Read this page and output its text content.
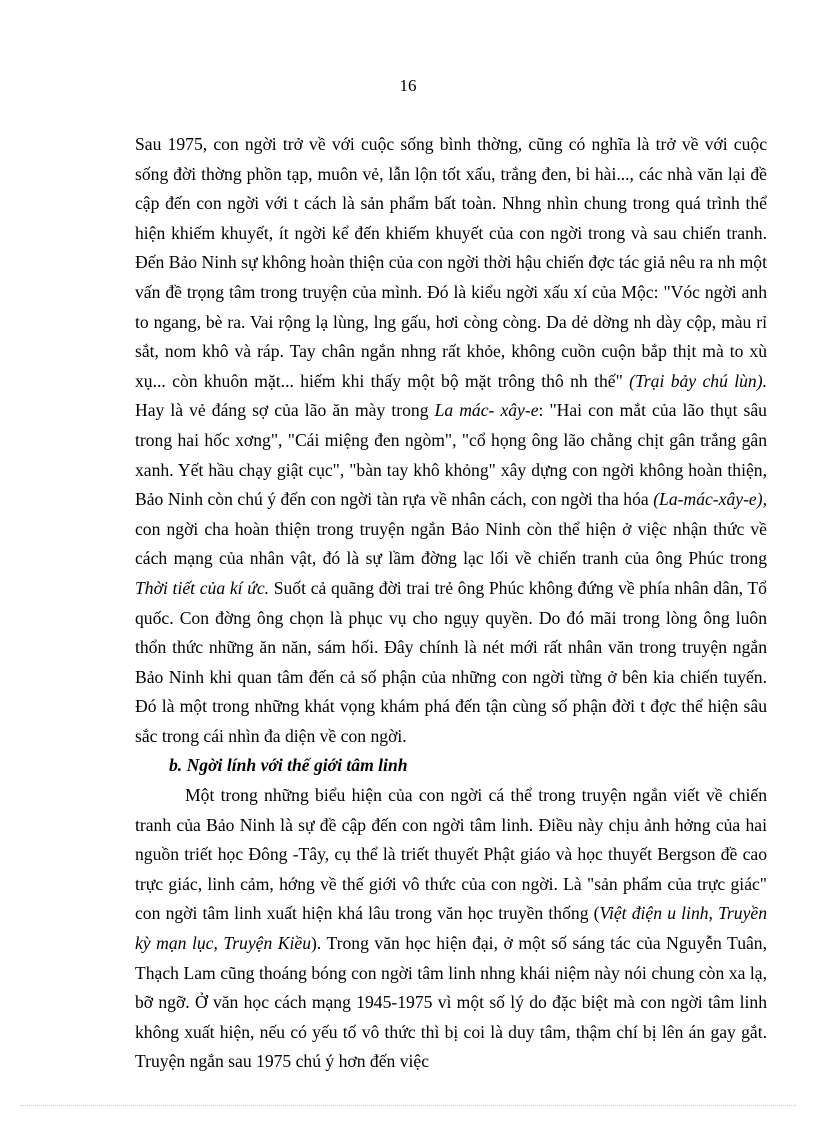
16

Sau 1975, con ngời trở về với cuộc sống bình thờng, cũng có nghĩa là trở về với cuộc sống đời thờng phồn tạp, muôn vẻ, lẫn lộn tốt xấu, trắng đen, bi hài..., các nhà văn lại đề cập đến con ngời với t cách là sản phẩm bất toàn. Nhng nhìn chung trong quá trình thể hiện khiếm khuyết, ít ngời kể đến khiếm khuyết của con ngời trong và sau chiến tranh. Đến Bảo Ninh sự không hoàn thiện của con ngời thời hậu chiến đợc tác giả nêu ra nh một vấn đề trọng tâm trong truyện của mình. Đó là kiểu ngời xấu xí của Mộc: "Vóc ngời anh to ngang, bè ra. Vai rộng lạ lùng, lng gấu, hơi còng còng. Da dẻ dờng nh dày cộp, màu rỉ sắt, nom khô và ráp. Tay chân ngắn nhng rất khỏe, không cuồn cuộn bắp thịt mà to xù xụ... còn khuôn mặt... hiếm khi thấy một bộ mặt trông thô nh thế" (Trại bảy chú lùn). Hay là vẻ đáng sợ của lão ăn mày trong La mác- xây-e: "Hai con mắt của lão thụt sâu trong hai hốc xơng", "Cái miệng đen ngòm", "cổ họng ông lão chằng chịt gân trắng gân xanh. Yết hầu chạy giật cục", "bàn tay khô khỏng" xây dựng con ngời không hoàn thiện, Bảo Ninh còn chú ý đến con ngời tàn rựa về nhân cách, con ngời tha hóa (La-mác-xây-e), con ngời cha hoàn thiện trong truyện ngắn Bảo Ninh còn thể hiện ở việc nhận thức về cách mạng của nhân vật, đó là sự lầm đờng lạc lối về chiến tranh của ông Phúc trong Thời tiết của kí ức. Suốt cả quãng đời trai trẻ ông Phúc không đứng về phía nhân dân, Tổ quốc. Con đờng ông chọn là phục vụ cho ngụy quyền. Do đó mãi trong lòng ông luôn thổn thức những ăn năn, sám hối. Đây chính là nét mới rất nhân văn trong truyện ngắn Bảo Ninh khi quan tâm đến cả số phận của những con ngời từng ở bên kia chiến tuyến. Đó là một trong những khát vọng khám phá đến tận cùng số phận đời t đợc thể hiện sâu sắc trong cái nhìn đa diện về con ngời.

b. Ngời lính với thế giới tâm linh

Một trong những biểu hiện của con ngời cá thể trong truyện ngắn viết về chiến tranh của Bảo Ninh là sự đề cập đến con ngời tâm linh. Điều này chịu ảnh hởng của hai nguồn triết học Đông -Tây, cụ thể là triết thuyết Phật giáo và học thuyết Bergson đề cao trực giác, linh cảm, hớng về thế giới vô thức của con ngời. Là "sản phẩm của trực giác" con ngời tâm linh xuất hiện khá lâu trong văn học truyền thống (Việt điện u linh, Truyền kỳ mạn lục, Truyện Kiều). Trong văn học hiện đại, ở một số sáng tác của Nguyễn Tuân, Thạch Lam cũng thoáng bóng con ngời tâm linh nhng khái niệm này nói chung còn xa lạ, bỡ ngỡ. Ở văn học cách mạng 1945-1975 vì một số lý do đặc biệt mà con ngời tâm linh không xuất hiện, nếu có yếu tố vô thức thì bị coi là duy tâm, thậm chí bị lên án gay gắt. Truyện ngắn sau 1975 chú ý hơn đến việc
